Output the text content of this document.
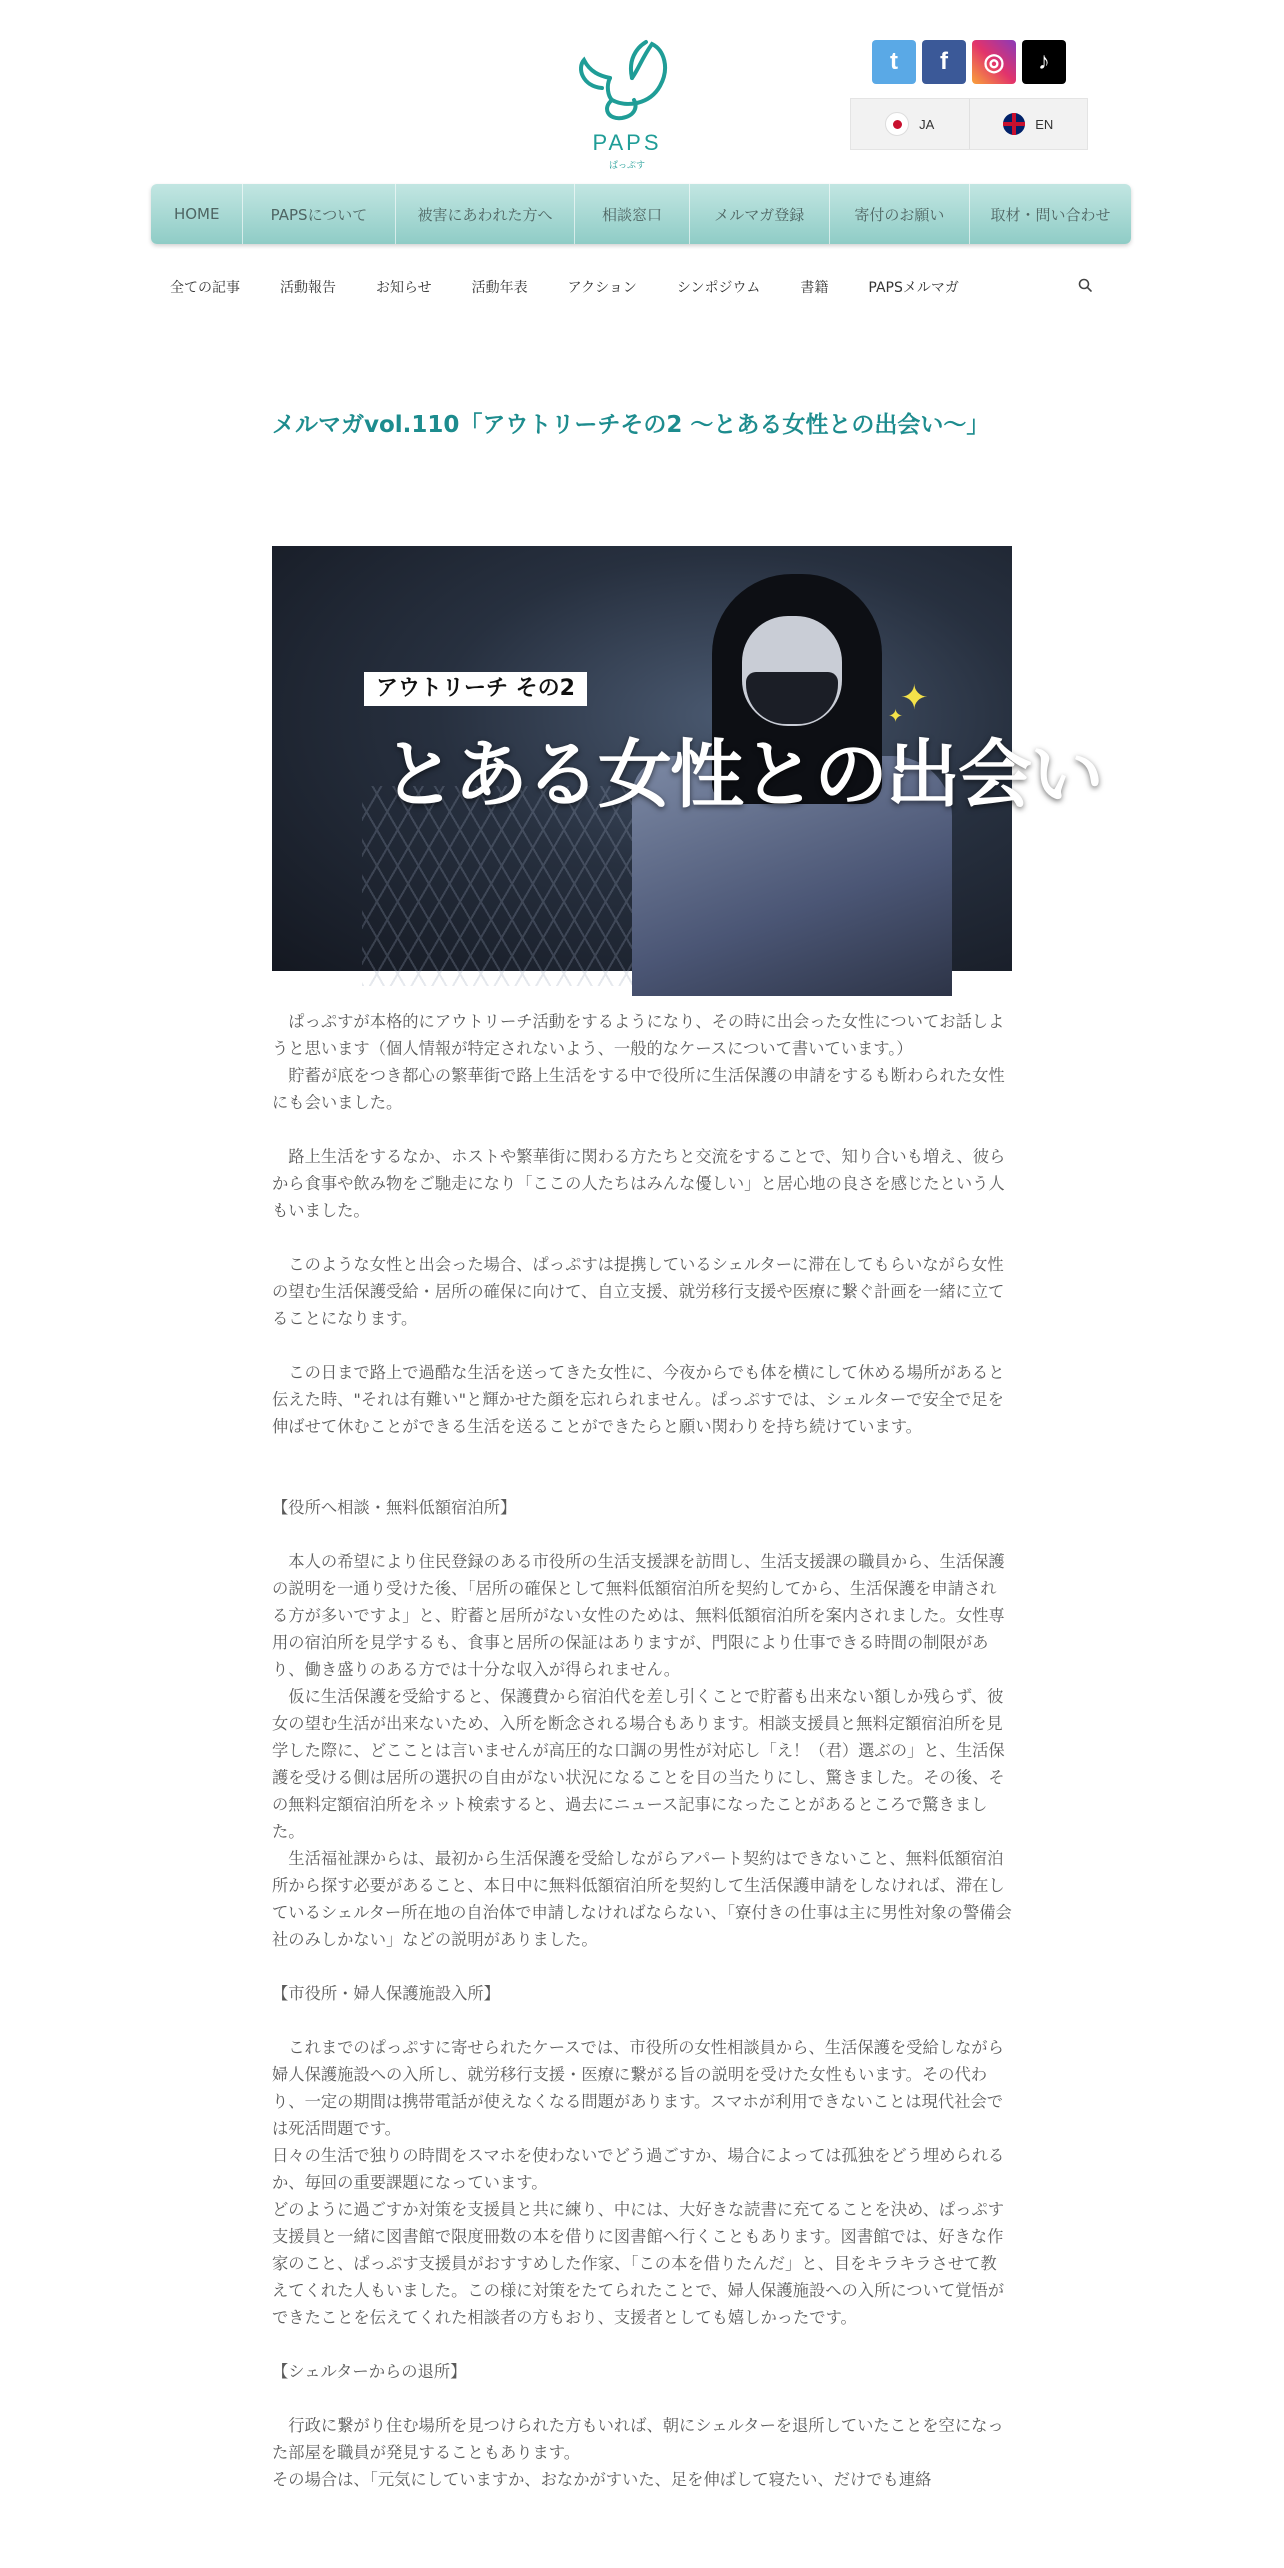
PAPS
ぱっぷす
t	f	◎	♪
JA	EN
HOME	PAPSについて	被害にあわれた方へ	相談窓口	メルマガ登録	寄付のお願い	取材・問い合わせ
全ての記事	活動報告	お知らせ	活動年表	アクション	シンポジウム	書籍	PAPSメルマガ
メルマガvol.110「アウトリーチその2 ～とある女性との出会い～」
アウトリーチ その2
とある女性との出会い
✦
✦

　ぱっぷすが本格的にアウトリーチ活動をするようになり、その時に出会った女性についてお話しようと思います（個人情報が特定されないよう、一般的なケースについて書いています。）

　貯蓄が底をつき都心の繁華街で路上生活をする中で役所に生活保護の申請をするも断わられた女性にも会いました。

　路上生活をするなか、ホストや繁華街に関わる方たちと交流をすることで、知り合いも増え、彼らから食事や飲み物をご馳走になり「ここの人たちはみんな優しい」と居心地の良さを感じたという人もいました。

　このような女性と出会った場合、ぱっぷすは提携しているシェルターに滞在してもらいながら女性の望む生活保護受給・居所の確保に向けて、自立支援、就労移行支援や医療に繋ぐ計画を一緒に立てることになります。

　この日まで路上で過酷な生活を送ってきた女性に、今夜からでも体を横にして休める場所があると伝えた時、"それは有難い"と輝かせた顔を忘れられません。ぱっぷすでは、シェルターで安全で足を伸ばせて休むことができる生活を送ることができたらと願い関わりを持ち続けています。

【役所へ相談・無料低額宿泊所】

　本人の希望により住民登録のある市役所の生活支援課を訪問し、生活支援課の職員から、生活保護の説明を一通り受けた後、「居所の確保として無料低額宿泊所を契約してから、生活保護を申請される方が多いですよ」と、貯蓄と居所がない女性のためは、無料低額宿泊所を案内されました。女性専用の宿泊所を見学するも、食事と居所の保証はありますが、門限により仕事できる時間の制限があり、働き盛りのある方では十分な収入が得られません。

　仮に生活保護を受給すると、保護費から宿泊代を差し引くことで貯蓄も出来ない額しか残らず、彼女の望む生活が出来ないため、入所を断念される場合もあります。相談支援員と無料定額宿泊所を見学した際に、どこことは言いませんが高圧的な口調の男性が対応し「え！（君）選ぶの」と、生活保護を受ける側は居所の選択の自由がない状況になることを目の当たりにし、驚きました。その後、その無料定額宿泊所をネット検索すると、過去にニュース記事になったことがあるところで驚きました。

　生活福祉課からは、最初から生活保護を受給しながらアパート契約はできないこと、無料低額宿泊所から探す必要があること、本日中に無料低額宿泊所を契約して生活保護申請をしなければ、滞在しているシェルター所在地の自治体で申請しなければならない、「寮付きの仕事は主に男性対象の警備会社のみしかない」などの説明がありました。

【市役所・婦人保護施設入所】

　これまでのぱっぷすに寄せられたケースでは、市役所の女性相談員から、生活保護を受給しながら婦人保護施設への入所し、就労移行支援・医療に繋がる旨の説明を受けた女性もいます。その代わり、一定の期間は携帯電話が使えなくなる問題があります。スマホが利用できないことは現代社会では死活問題です。

日々の生活で独りの時間をスマホを使わないでどう過ごすか、場合によっては孤独をどう埋められるか、毎回の重要課題になっています。

どのように過ごすか対策を支援員と共に練り、中には、大好きな読書に充てることを決め、ぱっぷす支援員と一緒に図書館で限度冊数の本を借りに図書館へ行くこともあります。図書館では、好きな作家のこと、ぱっぷす支援員がおすすめした作家、「この本を借りたんだ」と、目をキラキラさせて教えてくれた人もいました。この様に対策をたてられたことで、婦人保護施設への入所について覚悟ができたことを伝えてくれた相談者の方もおり、支援者としても嬉しかったです。

【シェルターからの退所】

　行政に繋がり住む場所を見つけられた方もいれば、朝にシェルターを退所していたことを空になった部屋を職員が発見することもあります。

その場合は、「元気にしていますか、おなかがすいた、足を伸ばして寝たい、だけでも連絡
